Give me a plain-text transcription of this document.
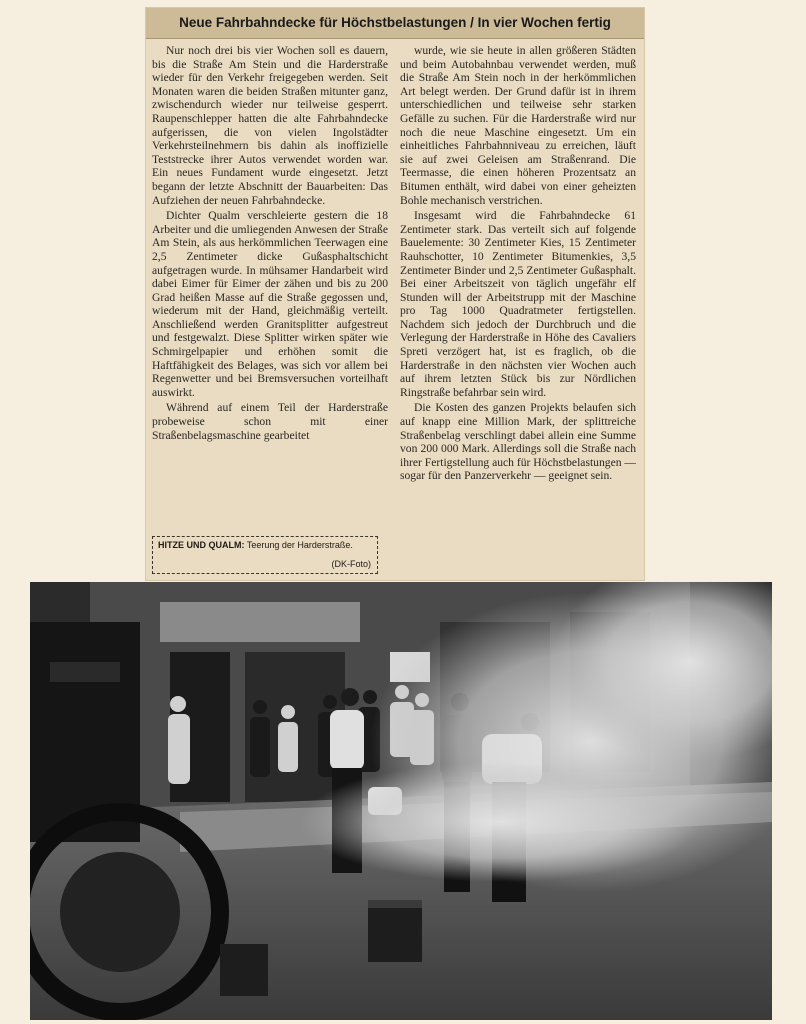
Neue Fahrbahndecke für Höchstbelastungen / In vier Wochen fertig

Nur noch drei bis vier Wochen soll es dauern, bis die Straße Am Stein und die Harderstraße wieder für den Verkehr freigegeben werden. Seit Monaten waren die beiden Straßen mitunter ganz, zwischendurch wieder nur teilweise gesperrt. Raupenschlepper hatten die alte Fahrbahndecke aufgerissen, die von vielen Ingolstädter Verkehrsteilnehmern bis dahin als inoffizielle Teststrecke ihrer Autos verwendet worden war. Ein neues Fundament wurde eingesetzt. Jetzt begann der letzte Abschnitt der Bauarbeiten: Das Aufziehen der neuen Fahrbahndecke.

Dichter Qualm verschleierte gestern die 18 Arbeiter und die umliegenden Anwesen der Straße Am Stein, als aus herkömmlichen Teerwagen eine 2,5 Zentimeter dicke Gußasphaltschicht aufgetragen wurde. In mühsamer Handarbeit wird dabei Eimer für Eimer der zähen und bis zu 200 Grad heißen Masse auf die Straße gegossen und, wiederum mit der Hand, gleichmäßig verteilt. Anschließend werden Granitsplitter aufgestreut und festgewalzt. Diese Splitter wirken später wie Schmirgelpapier und erhöhen somit die Haftfähigkeit des Belages, was sich vor allem bei Regenwetter und bei Bremsversuchen vorteilhaft auswirkt.

Während auf einem Teil der Harderstraße probeweise schon mit einer Straßenbelagsmaschine gearbeitet

wurde, wie sie heute in allen größeren Städten und beim Autobahnbau verwendet werden, muß die Straße Am Stein noch in der herkömmlichen Art belegt werden. Der Grund dafür ist in ihrem unterschiedlichen und teilweise sehr starken Gefälle zu suchen. Für die Harderstraße wird nur noch die neue Maschine eingesetzt. Um ein einheitliches Fahrbahnniveau zu erreichen, läuft sie auf zwei Geleisen am Straßenrand. Die Teermasse, die einen höheren Prozentsatz an Bitumen enthält, wird dabei von einer geheizten Bohle mechanisch verstrichen.

Insgesamt wird die Fahrbahndecke 61 Zentimeter stark. Das verteilt sich auf folgende Bauelemente: 30 Zentimeter Kies, 15 Zentimeter Rauhschotter, 10 Zentimeter Bitumenkies, 3,5 Zentimeter Binder und 2,5 Zentimeter Gußasphalt. Bei einer Arbeitszeit von täglich ungefähr elf Stunden will der Arbeitstrupp mit der Maschine pro Tag 1000 Quadratmeter fertigstellen. Nachdem sich jedoch der Durchbruch und die Verlegung der Harderstraße in Höhe des Cavaliers Spreti verzögert hat, ist es fraglich, ob die Harderstraße in den nächsten vier Wochen auch auf ihrem letzten Stück bis zur Nördlichen Ringstraße befahrbar sein wird.

Die Kosten des ganzen Projekts belaufen sich auf knapp eine Million Mark, der splittreiche Straßenbelag verschlingt dabei allein eine Summe von 200 000 Mark. Allerdings soll die Straße nach ihrer Fertigstellung auch für Höchstbelastungen — sogar für den Panzerverkehr — geeignet sein.

HITZE UND QUALM: Teerung der Harderstraße.
(DK-Foto)
